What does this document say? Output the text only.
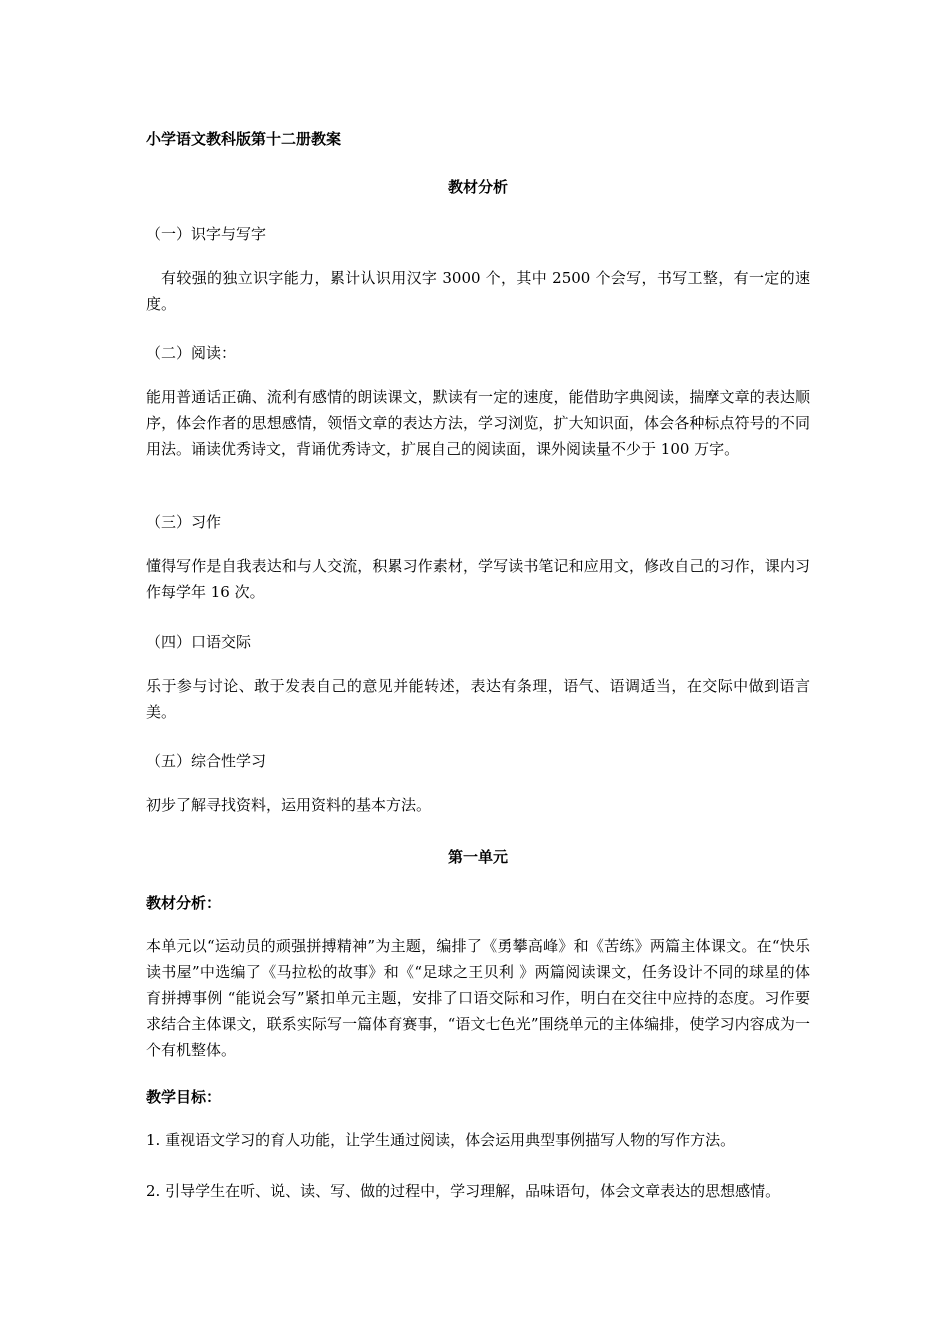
小学语文教科版第十二册教案
教材分析
（一）识字与写字
有较强的独立识字能力，累计认识用汉字 3000 个，其中 2500 个会写，书写工整，有一定的速度。
（二）阅读：
能用普通话正确、流利有感情的朗读课文，默读有一定的速度，能借助字典阅读，揣摩文章的表达顺序，体会作者的思想感情，领悟文章的表达方法，学习浏览，扩大知识面，体会各种标点符号的不同用法。诵读优秀诗文，背诵优秀诗文，扩展自己的阅读面，课外阅读量不少于 100 万字。
（三）习作
懂得写作是自我表达和与人交流，积累习作素材，学写读书笔记和应用文，修改自己的习作，课内习作每学年 16 次。
（四）口语交际
乐于参与讨论、敢于发表自己的意见并能转述，表达有条理，语气、语调适当，在交际中做到语言美。
（五）综合性学习
初步了解寻找资料，运用资料的基本方法。
第一单元
教材分析：
本单元以“运动员的顽强拼搏精神”为主题，编排了《勇攀高峰》和《苦练》两篇主体课文。在“快乐读书屋”中选编了《马拉松的故事》和《“足球之王贝利 》两篇阅读课文，任务设计不同的球星的体育拼搏事例 “能说会写”紧扣单元主题，安排了口语交际和习作，明白在交往中应持的态度。习作要求结合主体课文，联系实际写一篇体育赛事，“语文七色光”围绕单元的主体编排，使学习内容成为一个有机整体。
教学目标：
1. 重视语文学习的育人功能，让学生通过阅读，体会运用典型事例描写人物的写作方法。
2. 引导学生在听、说、读、写、做的过程中，学习理解，品味语句，体会文章表达的思想感情。
